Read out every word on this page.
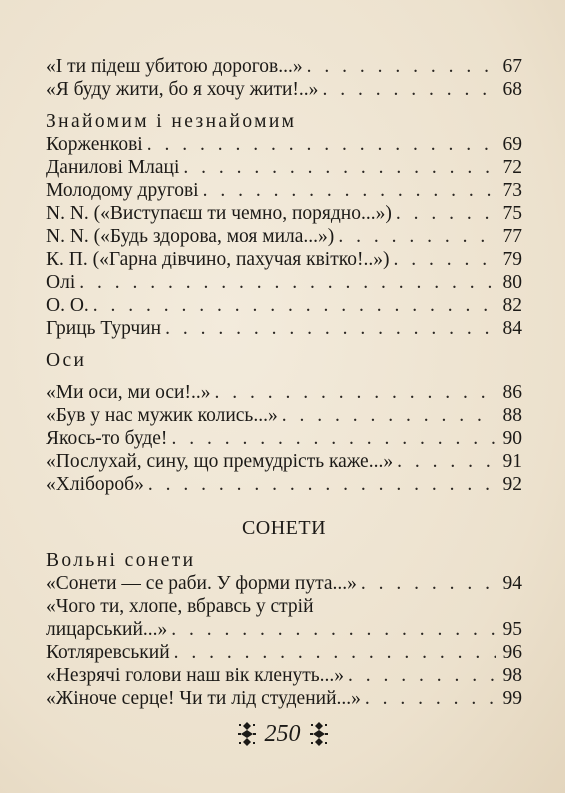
«І ти підеш убитою дорогов...» . . .	67
«Я буду жити, бо я хочу жити!..» . . .	68
Знайомим і незнайомим
Корженкові . . .	69
Данилові Млаці . . .	72
Молодому другові . . .	73
N. N. («Виступаєш ти чемно, порядно...») . . .	75
N. N. («Будь здорова, моя мила...») . . .	77
К. П. («Гарна дівчино, пахучая квітко!..») . . .	79
Олі . . .	80
О. О. . . .	82
Гриць Турчин . . .	84
Оси
«Ми оси, ми оси!..» . . .	86
«Був у нас мужик колись...» . . .	88
Якось-то буде! . . .	90
«Послухай, сину, що премудрість каже...» . . .	91
«Хлібороб» . . .	92
СОНЕТИ
Вольні сонети
«Сонети — се раби. У форми пута...» . . .	94
«Чого ти, хлопе, вбравсь у стрій
лицарський...» . . .	95
Котляревський . . .	96
«Незрячі голови наш вік кленуть...» . . .	98
«Жіноче серце! Чи ти лід студений...» . . .	99
250
